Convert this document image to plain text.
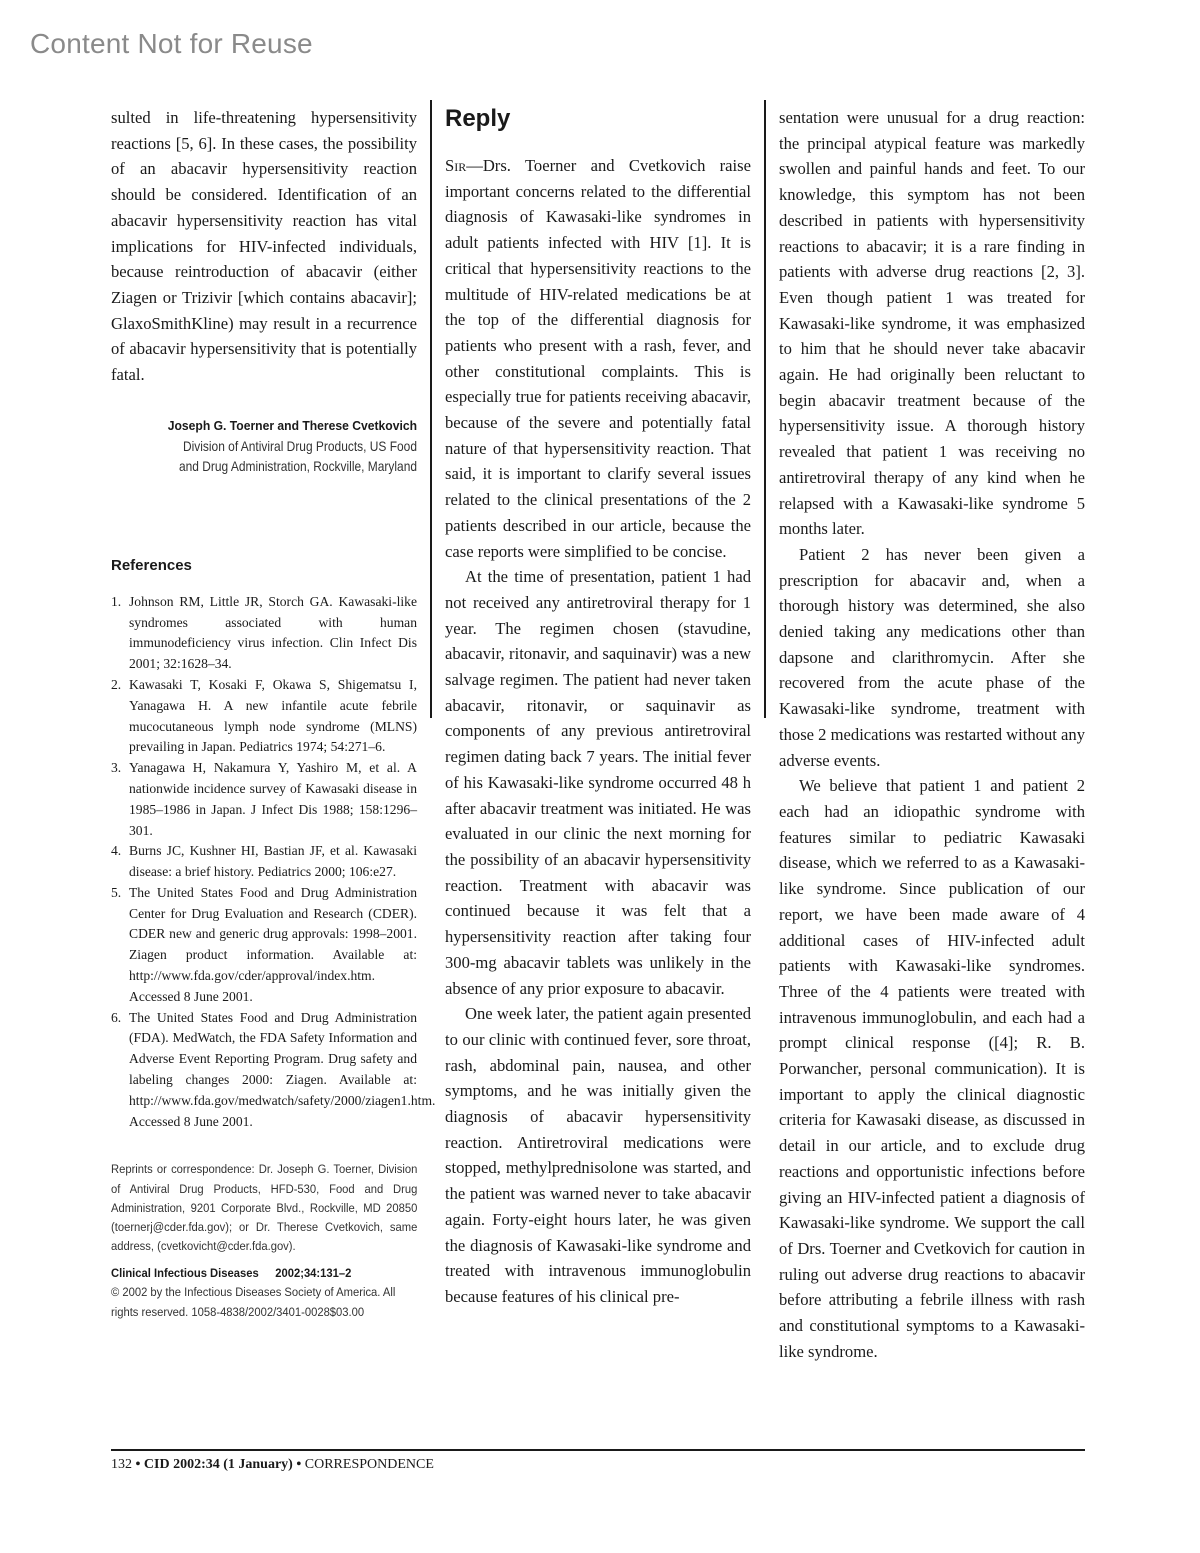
Content Not for Reuse

sulted in life-threatening hypersensitivity reactions [5, 6]. In these cases, the possibility of an abacavir hypersensitivity reaction should be considered. Identification of an abacavir hypersensitivity reaction has vital implications for HIV-infected individuals, because reintroduction of abacavir (either Ziagen or Trizivir [which contains abacavir]; GlaxoSmithKline) may result in a recurrence of abacavir hypersensitivity that is potentially fatal.

Joseph G. Toerner and Therese Cvetkovich

Division of Antiviral Drug Products, US Food

and Drug Administration, Rockville, Maryland

References
1. Johnson RM, Little JR, Storch GA. Kawasaki-like syndromes associated with human immunodeficiency virus infection. Clin Infect Dis 2001; 32:1628–34.
2. Kawasaki T, Kosaki F, Okawa S, Shigematsu I, Yanagawa H. A new infantile acute febrile mucocutaneous lymph node syndrome (MLNS) prevailing in Japan. Pediatrics 1974; 54:271–6.
3. Yanagawa H, Nakamura Y, Yashiro M, et al. A nationwide incidence survey of Kawasaki disease in 1985–1986 in Japan. J Infect Dis 1988; 158:1296–301.
4. Burns JC, Kushner HI, Bastian JF, et al. Kawasaki disease: a brief history. Pediatrics 2000; 106:e27.
5. The United States Food and Drug Administration Center for Drug Evaluation and Research (CDER). CDER new and generic drug approvals: 1998–2001. Ziagen product information. Available at: http://www.fda.gov/cder/approval/index.htm. Accessed 8 June 2001.
6. The United States Food and Drug Administration (FDA). MedWatch, the FDA Safety Information and Adverse Event Reporting Program. Drug safety and labeling changes 2000: Ziagen. Available at: http://www.fda.gov/medwatch/safety/2000/ziagen1.htm. Accessed 8 June 2001.

Reprints or correspondence: Dr. Joseph G. Toerner, Division of Antiviral Drug Products, HFD-530, Food and Drug Administration, 9201 Corporate Blvd., Rockville, MD 20850 (toernerj@cder.fda.gov); or Dr. Therese Cvetkovich, same address, (cvetkovicht@cder.fda.gov).

Clinical Infectious Diseases 2002;34:131–2

© 2002 by the Infectious Diseases Society of America. All rights reserved. 1058-4838/2002/3401-0028$03.00

Reply

Sir—Drs. Toerner and Cvetkovich raise important concerns related to the differential diagnosis of Kawasaki-like syndromes in adult patients infected with HIV [1]. It is critical that hypersensitivity reactions to the multitude of HIV-related medications be at the top of the differential diagnosis for patients who present with a rash, fever, and other constitutional complaints. This is especially true for patients receiving abacavir, because of the severe and potentially fatal nature of that hypersensitivity reaction. That said, it is important to clarify several issues related to the clinical presentations of the 2 patients described in our article, because the case reports were simplified to be concise.

At the time of presentation, patient 1 had not received any antiretroviral therapy for 1 year. The regimen chosen (stavudine, abacavir, ritonavir, and saquinavir) was a new salvage regimen. The patient had never taken abacavir, ritonavir, or saquinavir as components of any previous antiretroviral regimen dating back 7 years. The initial fever of his Kawasaki-like syndrome occurred 48 h after abacavir treatment was initiated. He was evaluated in our clinic the next morning for the possibility of an abacavir hypersensitivity reaction. Treatment with abacavir was continued because it was felt that a hypersensitivity reaction after taking four 300-mg abacavir tablets was unlikely in the absence of any prior exposure to abacavir.

One week later, the patient again presented to our clinic with continued fever, sore throat, rash, abdominal pain, nausea, and other symptoms, and he was initially given the diagnosis of abacavir hypersensitivity reaction. Antiretroviral medications were stopped, methylprednisolone was started, and the patient was warned never to take abacavir again. Forty-eight hours later, he was given the diagnosis of Kawasaki-like syndrome and treated with intravenous immunoglobulin because features of his clinical pre-

sentation were unusual for a drug reaction: the principal atypical feature was markedly swollen and painful hands and feet. To our knowledge, this symptom has not been described in patients with hypersensitivity reactions to abacavir; it is a rare finding in patients with adverse drug reactions [2, 3]. Even though patient 1 was treated for Kawasaki-like syndrome, it was emphasized to him that he should never take abacavir again. He had originally been reluctant to begin abacavir treatment because of the hypersensitivity issue. A thorough history revealed that patient 1 was receiving no antiretroviral therapy of any kind when he relapsed with a Kawasaki-like syndrome 5 months later.

Patient 2 has never been given a prescription for abacavir and, when a thorough history was determined, she also denied taking any medications other than dapsone and clarithromycin. After she recovered from the acute phase of the Kawasaki-like syndrome, treatment with those 2 medications was restarted without any adverse events.

We believe that patient 1 and patient 2 each had an idiopathic syndrome with features similar to pediatric Kawasaki disease, which we referred to as a Kawasaki-like syndrome. Since publication of our report, we have been made aware of 4 additional cases of HIV-infected adult patients with Kawasaki-like syndromes. Three of the 4 patients were treated with intravenous immunoglobulin, and each had a prompt clinical response ([4]; R. B. Porwancher, personal communication). It is important to apply the clinical diagnostic criteria for Kawasaki disease, as discussed in detail in our article, and to exclude drug reactions and opportunistic infections before giving an HIV-infected patient a diagnosis of Kawasaki-like syndrome. We support the call of Drs. Toerner and Cvetkovich for caution in ruling out adverse drug reactions to abacavir before attributing a febrile illness with rash and constitutional symptoms to a Kawasaki-like syndrome.

132 • CID 2002:34 (1 January) • CORRESPONDENCE
